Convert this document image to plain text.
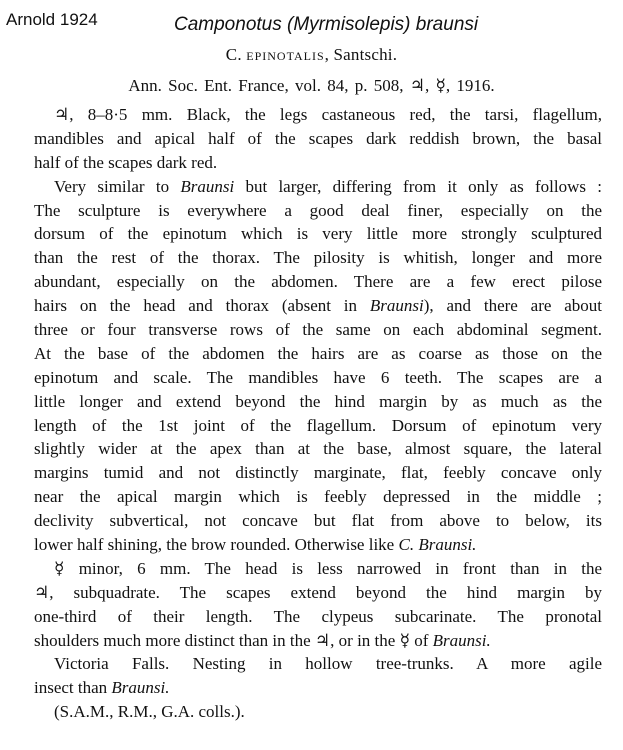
Arnold 1924	Camponotus (Myrmisolepis) braunsi
C. epinotalis, Santschi.
Ann. Soc. Ent. France, vol. 84, p. 508, ♃, ☿, 1916.
♃, 8–8·5 mm. Black, the legs castaneous red, the tarsi, flagellum,
mandibles and apical half of the scapes dark reddish brown, the basal
half of the scapes dark red.
Very similar to Braunsi but larger, differing from it only as follows :
The sculpture is everywhere a good deal finer, especially on the
dorsum of the epinotum which is very little more strongly sculptured
than the rest of the thorax. The pilosity is whitish, longer and more
abundant, especially on the abdomen. There are a few erect pilose
hairs on the head and thorax (absent in Braunsi), and there are about
three or four transverse rows of the same on each abdominal segment.
At the base of the abdomen the hairs are as coarse as those on the
epinotum and scale. The mandibles have 6 teeth. The scapes are a
little longer and extend beyond the hind margin by as much as the
length of the 1st joint of the flagellum. Dorsum of epinotum very
slightly wider at the apex than at the base, almost square, the lateral
margins tumid and not distinctly marginate, flat, feebly concave only
near the apical margin which is feebly depressed in the middle ;
declivity subvertical, not concave but flat from above to below, its
lower half shining, the brow rounded. Otherwise like C. Braunsi.
☿ minor, 6 mm. The head is less narrowed in front than in the
♃, subquadrate. The scapes extend beyond the hind margin by
one-third of their length. The clypeus subcarinate. The pronotal
shoulders much more distinct than in the ♃, or in the ☿ of Braunsi.
Victoria Falls. Nesting in hollow tree-trunks. A more agile
insect than Braunsi.
(S.A.M., R.M., G.A. colls.).
